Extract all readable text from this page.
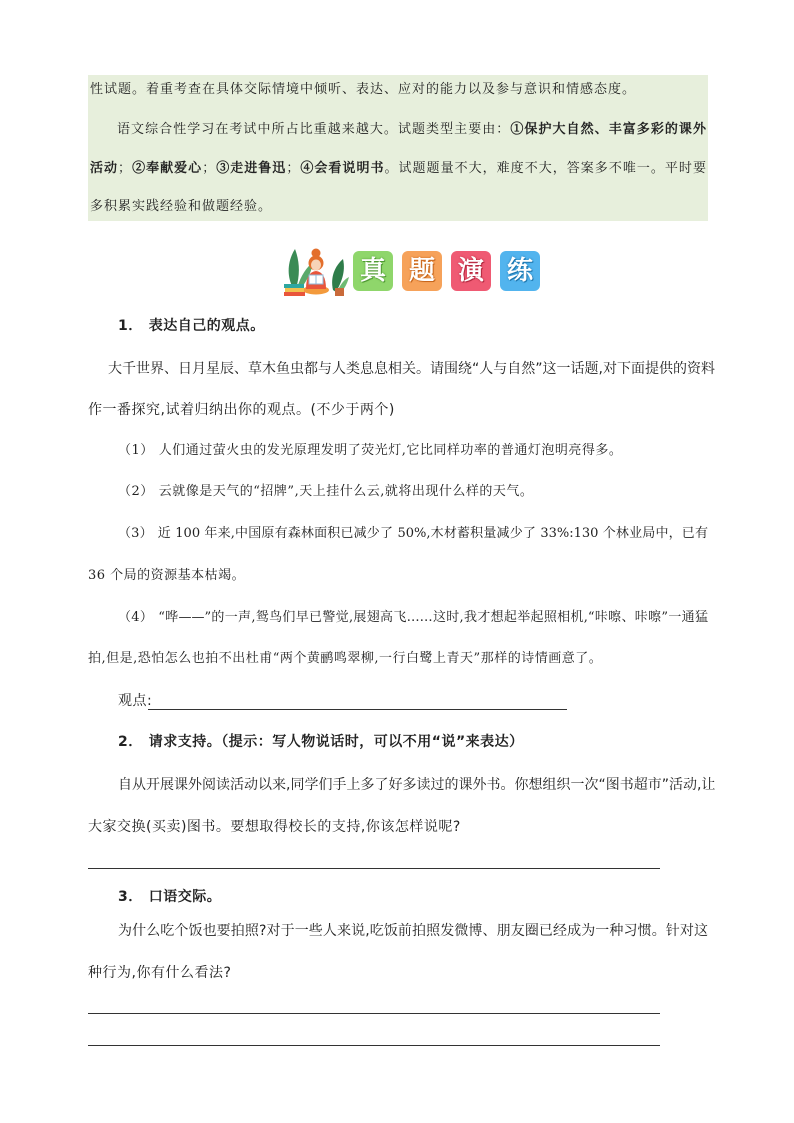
性试题。着重考查在具体交际情境中倾听、表达、应对的能力以及参与意识和情感态度。
语文综合性学习在考试中所占比重越来越大。试题类型主要由：①保护大自然、丰富多彩的课外
活动；②奉献爱心；③走进鲁迅；④会看说明书。试题题量不大，难度不大，答案多不唯一。平时要
多积累实践经验和做题经验。
真 题 演 练
1． 表达自己的观点。
大千世界、日月星辰、草木鱼虫都与人类息息相关。请围绕“人与自然”这一话题,对下面提供的资料
作一番探究,试着归纳出你的观点。(不少于两个)
（1） 人们通过萤火虫的发光原理发明了荧光灯,它比同样功率的普通灯泡明亮得多。
（2） 云就像是天气的“招牌”,天上挂什么云,就将出现什么样的天气。
（3） 近 100 年来,中国原有森林面积已减少了 50%,木材蓄积量减少了 33%:130 个林业局中，已有
36 个局的资源基本枯竭。
（4） “哗——”的一声,鸳鸟们早已警觉,展翅高飞……这时,我才想起举起照相机,“咔嚓、咔嚓”一通猛
拍,但是,恐怕怎么也拍不出杜甫“两个黄鹂鸣翠柳,一行白鹭上青天”那样的诗情画意了。
观点:
2． 请求支持。（提示：写人物说话时，可以不用“说”来表达）
自从开展课外阅读活动以来,同学们手上多了好多读过的课外书。你想组织一次“图书超市”活动,让
大家交换(买卖)图书。要想取得校长的支持,你该怎样说呢?
3． 口语交际。
为什么吃个饭也要拍照?对于一些人来说,吃饭前拍照发微博、朋友圈已经成为一种习惯。针对这
种行为,你有什么看法?
